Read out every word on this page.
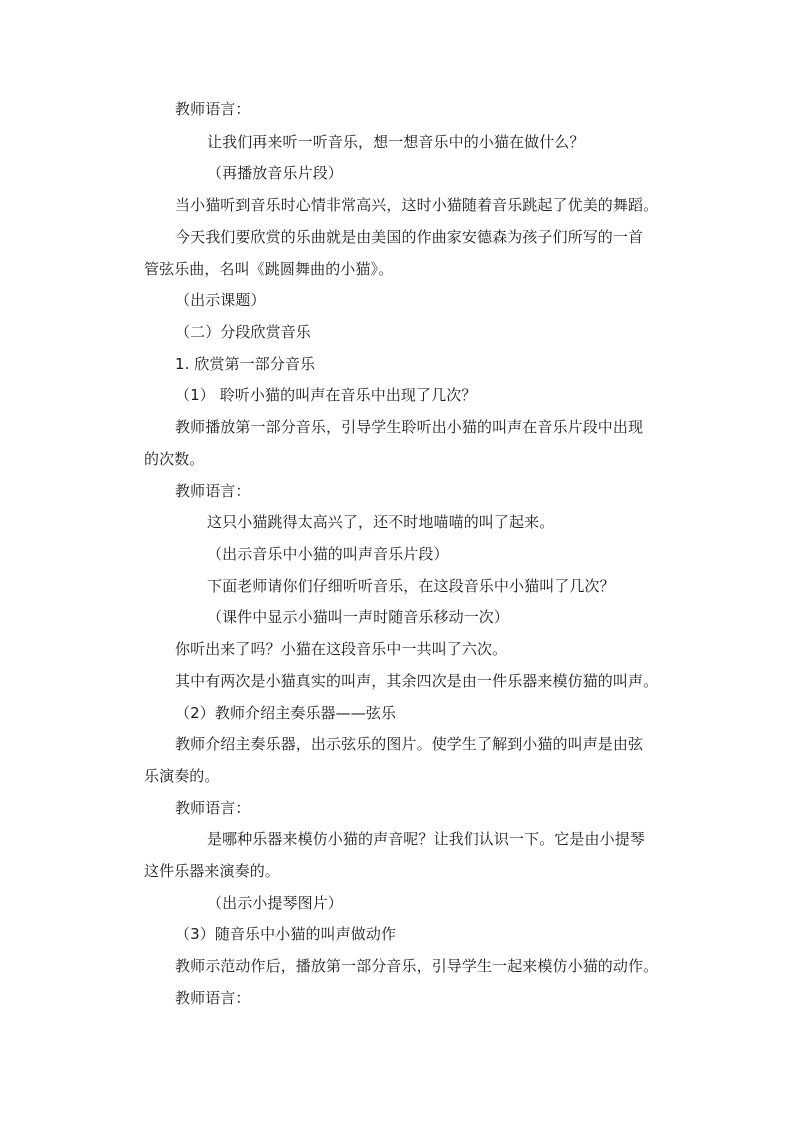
教师语言：
让我们再来听一听音乐，想一想音乐中的小猫在做什么？
（再播放音乐片段）
当小猫听到音乐时心情非常高兴，这时小猫随着音乐跳起了优美的舞蹈。
今天我们要欣赏的乐曲就是由美国的作曲家安德森为孩子们所写的一首
管弦乐曲，名叫《跳圆舞曲的小猫》。
（出示课题）
（二）分段欣赏音乐
1. 欣赏第一部分音乐
（1） 聆听小猫的叫声在音乐中出现了几次？
教师播放第一部分音乐，引导学生聆听出小猫的叫声在音乐片段中出现
的次数。
教师语言：
这只小猫跳得太高兴了，还不时地喵喵的叫了起来。
（出示音乐中小猫的叫声音乐片段）
下面老师请你们仔细听听音乐，在这段音乐中小猫叫了几次？
（课件中显示小猫叫一声时随音乐移动一次）
你听出来了吗？小猫在这段音乐中一共叫了六次。
其中有两次是小猫真实的叫声，其余四次是由一件乐器来模仿猫的叫声。
（2）教师介绍主奏乐器——弦乐
教师介绍主奏乐器，出示弦乐的图片。使学生了解到小猫的叫声是由弦
乐演奏的。
教师语言：
是哪种乐器来模仿小猫的声音呢？让我们认识一下。它是由小提琴
这件乐器来演奏的。
（出示小提琴图片）
（3）随音乐中小猫的叫声做动作
教师示范动作后，播放第一部分音乐，引导学生一起来模仿小猫的动作。
教师语言：
